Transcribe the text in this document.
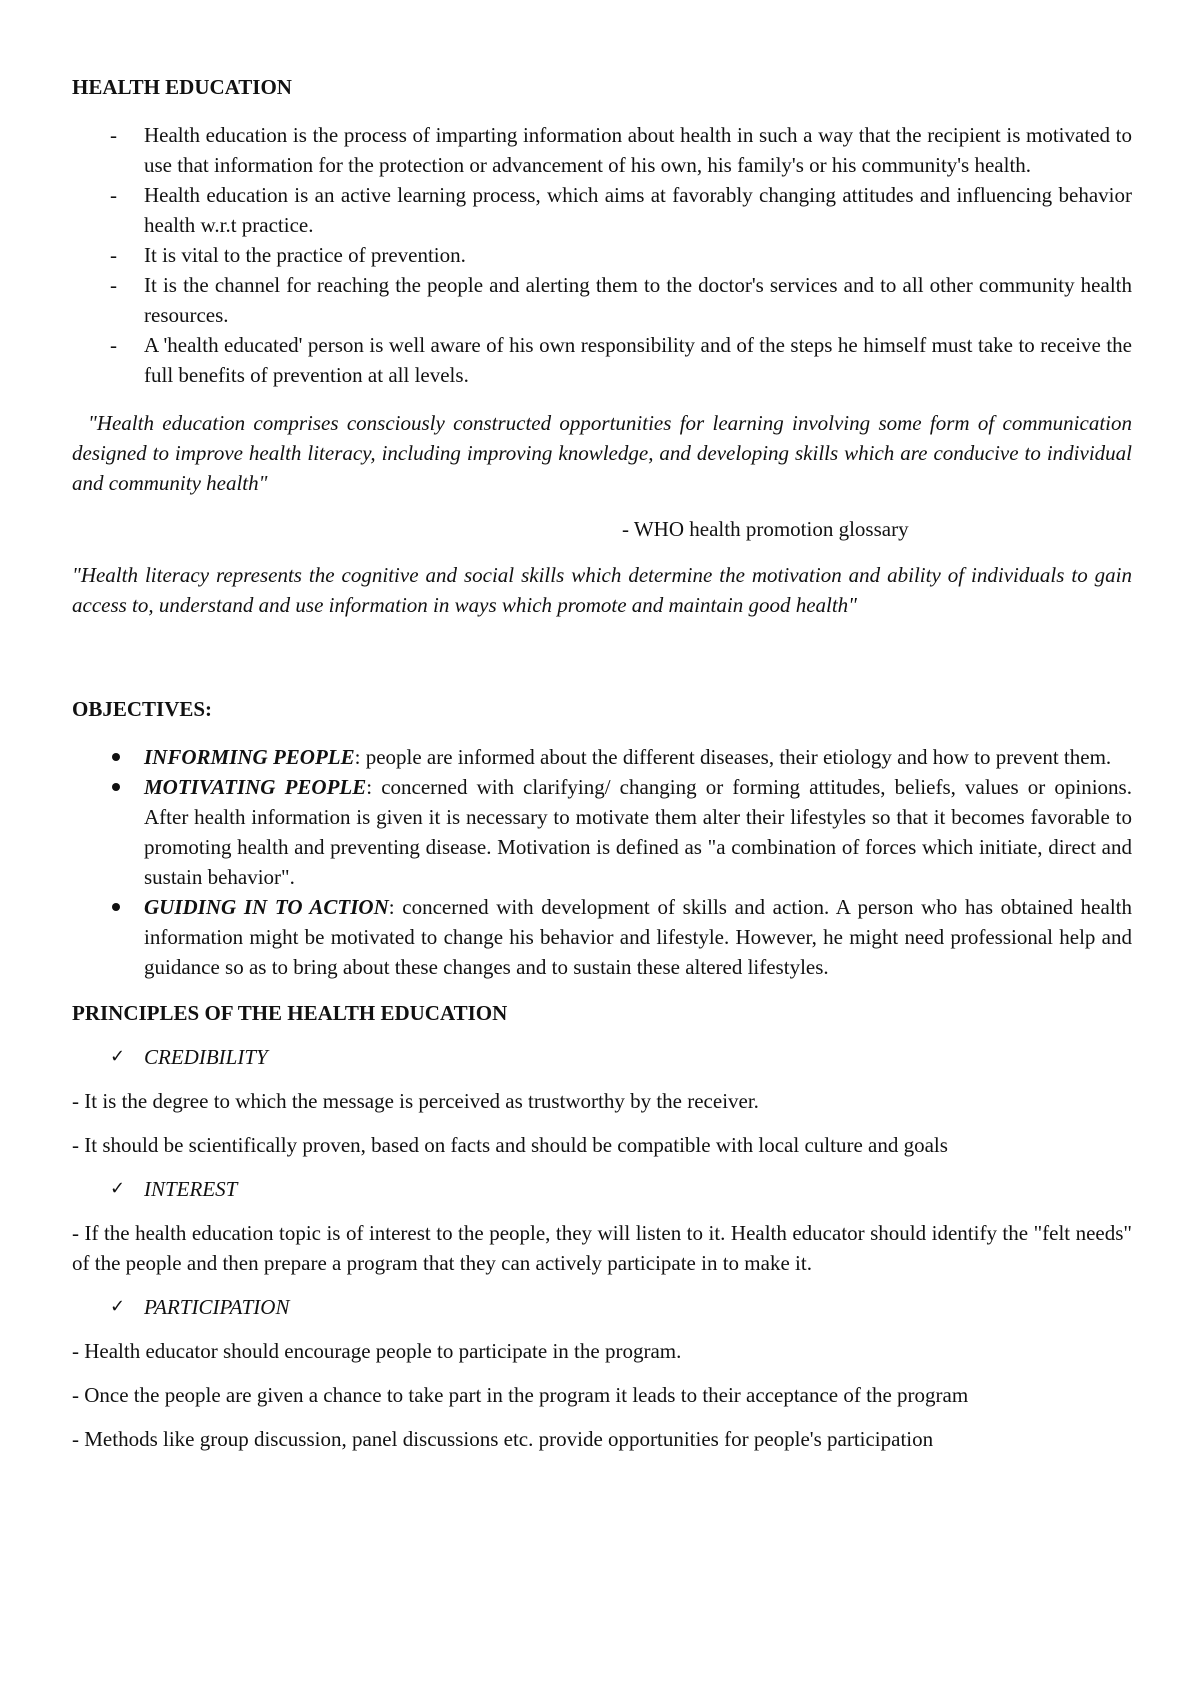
HEALTH EDUCATION

- Health education is the process of imparting information about health in such a way that the recipient is motivated to use that information for the protection or advancement of his own, his family's or his community's health.
- Health education is an active learning process, which aims at favorably changing attitudes and influencing behavior health w.r.t practice.
- It is vital to the practice of prevention.
- It is the channel for reaching the people and alerting them to the doctor's services and to all other community health resources.
- A 'health educated' person is well aware of his own responsibility and of the steps he himself must take to receive the full benefits of prevention at all levels.

"Health education comprises consciously constructed opportunities for learning involving some form of communication designed to improve health literacy, including improving knowledge, and developing skills which are conducive to individual and community health"

- WHO health promotion glossary

"Health literacy represents the cognitive and social skills which determine the motivation and ability of individuals to gain access to, understand and use information in ways which promote and maintain good health"

OBJECTIVES:

INFORMING PEOPLE: people are informed about the different diseases, their etiology and how to prevent them.
MOTIVATING PEOPLE: concerned with clarifying/ changing or forming attitudes, beliefs, values or opinions. After health information is given it is necessary to motivate them alter their lifestyles so that it becomes favorable to promoting health and preventing disease. Motivation is defined as "a combination of forces which initiate, direct and sustain behavior".
GUIDING IN TO ACTION: concerned with development of skills and action. A person who has obtained health information might be motivated to change his behavior and lifestyle. However, he might need professional help and guidance so as to bring about these changes and to sustain these altered lifestyles.

PRINCIPLES OF THE HEALTH EDUCATION

✓ CREDIBILITY

- It is the degree to which the message is perceived as trustworthy by the receiver.

- It should be scientifically proven, based on facts and should be compatible with local culture and goals

✓ INTEREST

- If the health education topic is of interest to the people, they will listen to it. Health educator should identify the "felt needs" of the people and then prepare a program that they can actively participate in to make it.

✓ PARTICIPATION

- Health educator should encourage people to participate in the program.

- Once the people are given a chance to take part in the program it leads to their acceptance of the program

- Methods like group discussion, panel discussions etc. provide opportunities for people's participation
